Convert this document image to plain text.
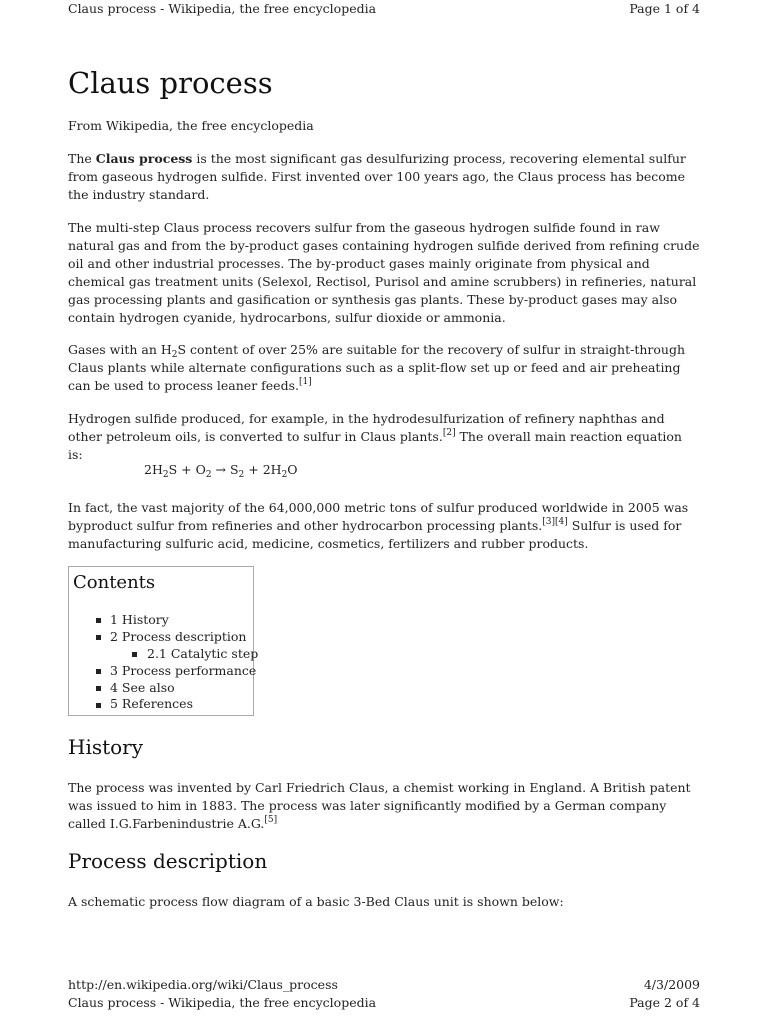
Claus process - Wikipedia, the free encyclopedia	Page 1 of 4
Claus process
From Wikipedia, the free encyclopedia

The Claus process is the most significant gas desulfurizing process, recovering elemental sulfur from gaseous hydrogen sulfide. First invented over 100 years ago, the Claus process has become the industry standard.

The multi-step Claus process recovers sulfur from the gaseous hydrogen sulfide found in raw natural gas and from the by-product gases containing hydrogen sulfide derived from refining crude oil and other industrial processes. The by-product gases mainly originate from physical and chemical gas treatment units (Selexol, Rectisol, Purisol and amine scrubbers) in refineries, natural gas processing plants and gasification or synthesis gas plants. These by-product gases may also contain hydrogen cyanide, hydrocarbons, sulfur dioxide or ammonia.

Gases with an $H_2S$ content of over 25% are suitable for the recovery of sulfur in straight-through Claus plants while alternate configurations such as a split-flow set up or feed and air preheating can be used to process leaner feeds.[1]

Hydrogen sulfide produced, for example, in the hydrodesulfurization of refinery naphthas and other petroleum oils, is converted to sulfur in Claus plants.[2] The overall main reaction equation is:

$2H_2S + O_2 \to S_2 + 2H_2O$

In fact, the vast majority of the 64,000,000 metric tons of sulfur produced worldwide in 2005 was byproduct sulfur from refineries and other hydrocarbon processing plants.[3][4] Sulfur is used for manufacturing sulfuric acid, medicine, cosmetics, fertilizers and rubber products.

Contents
1 History
2 Process description
2.1 Catalytic step
3 Process performance
4 See also
5 References
History

The process was invented by Carl Friedrich Claus, a chemist working in England. A British patent was issued to him in 1883. The process was later significantly modified by a German company called I.G.Farbenindustrie A.G.[5]

Process description

A schematic process flow diagram of a basic 3-Bed Claus unit is shown below:

http://en.wikipedia.org/wiki/Claus_process	4/3/2009
Claus process - Wikipedia, the free encyclopedia	Page 2 of 4
